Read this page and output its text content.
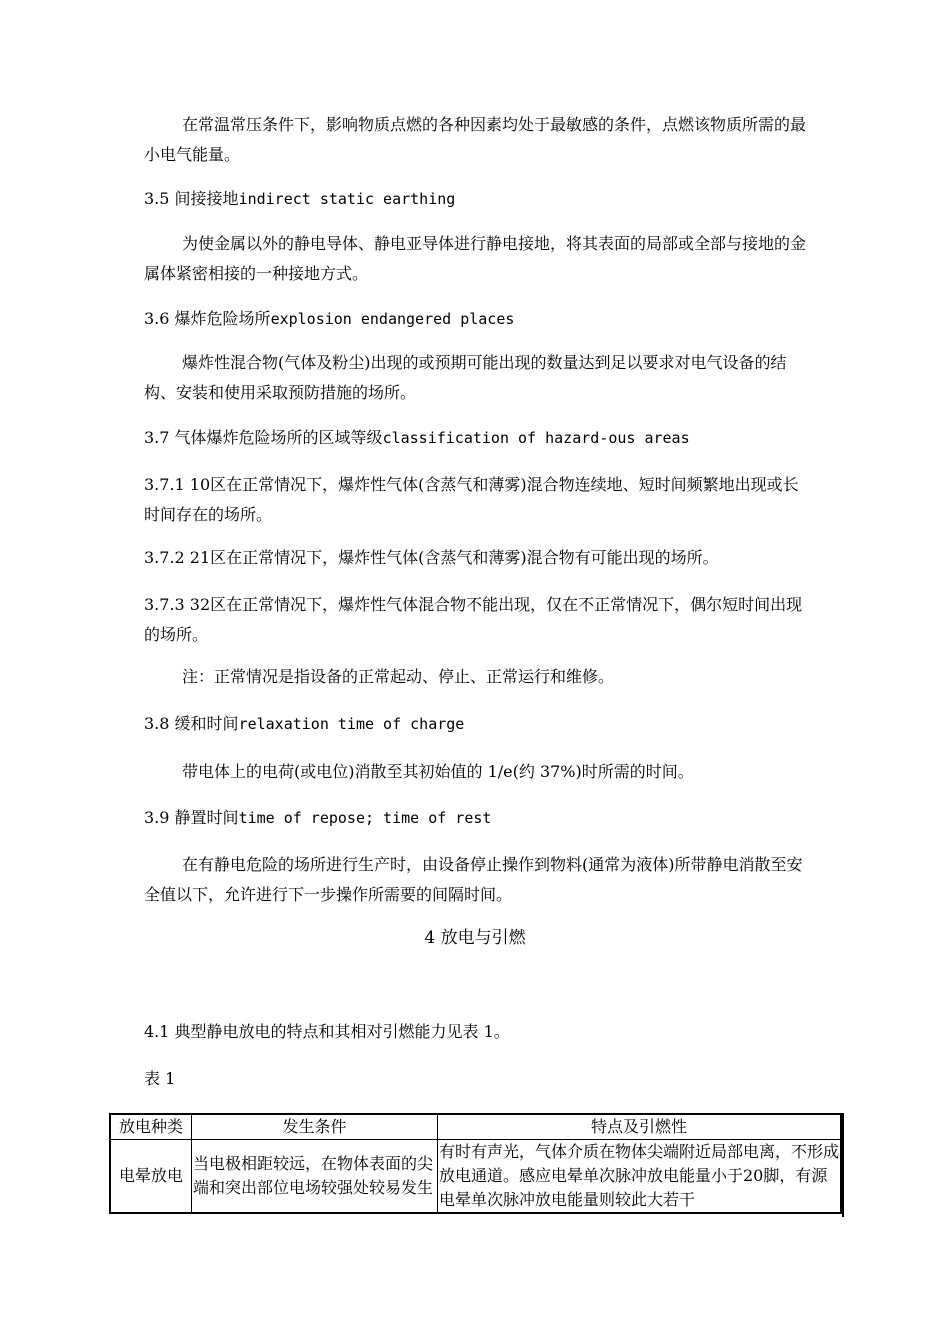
在常温常压条件下，影响物质点燃的各种因素均处于最敏感的条件，点燃该物质所需的最小电气能量。

3.5 间接接地indirect static earthing

为使金属以外的静电导体、静电亚导体进行静电接地，将其表面的局部或全部与接地的金属体紧密相接的一种接地方式。

3.6 爆炸危险场所explosion endangered places

爆炸性混合物(气体及粉尘)出现的或预期可能出现的数量达到足以要求对电气设备的结构、安装和使用采取预防措施的场所。

3.7 气体爆炸危险场所的区域等级classification of hazard-ous areas

3.7.1 10区在正常情况下，爆炸性气体(含蒸气和薄雾)混合物连续地、短时间频繁地出现或长时间存在的场所。

3.7.2 21区在正常情况下，爆炸性气体(含蒸气和薄雾)混合物有可能出现的场所。

3.7.3 32区在正常情况下，爆炸性气体混合物不能出现，仅在不正常情况下，偶尔短时间出现的场所。

注：正常情况是指设备的正常起动、停止、正常运行和维修。

3.8 缓和时间relaxation time of charge

带电体上的电荷(或电位)消散至其初始值的 1/e(约 37%)时所需的时间。

3.9 静置时间time of repose; time of rest

在有静电危险的场所进行生产时，由设备停止操作到物料(通常为液体)所带静电消散至安全值以下，允许进行下一步操作所需要的间隔时间。

4 放电与引燃

4.1 典型静电放电的特点和其相对引燃能力见表 1。

表 1

放电种类	发生条件	特点及引燃性
电晕放电	当电极相距较远，在物体表面的尖端和突出部位电场较强处较易发生	有时有声光，气体介质在物体尖端附近局部电离，不形成放电通道。感应电晕单次脉冲放电能量小于20脚，有源电晕单次脉冲放电能量则较此大若干
